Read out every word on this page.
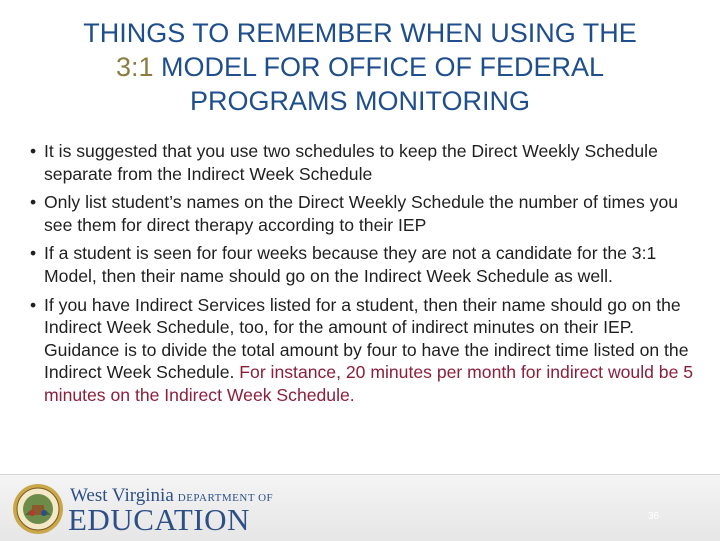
THINGS TO REMEMBER WHEN USING THE
3:1 MODEL FOR OFFICE OF FEDERAL
PROGRAMS MONITORING
• It is suggested that you use two schedules to keep the Direct Weekly Schedule separate from the Indirect Week Schedule
• Only list student’s names on the Direct Weekly Schedule the number of times you see them for direct therapy according to their IEP
• If a student is seen for four weeks because they are not a candidate for the 3:1 Model, then their name should go on the Indirect Week Schedule as well.
• If you have Indirect Services listed for a student, then their name should go on the Indirect Week Schedule, too, for the amount of indirect minutes on their IEP. Guidance is to divide the total amount by four to have the indirect time listed on the Indirect Week Schedule. For instance, 20 minutes per month for indirect would be 5 minutes on the Indirect Week Schedule.
West Virginia DEPARTMENT OF
EDUCATION	36
